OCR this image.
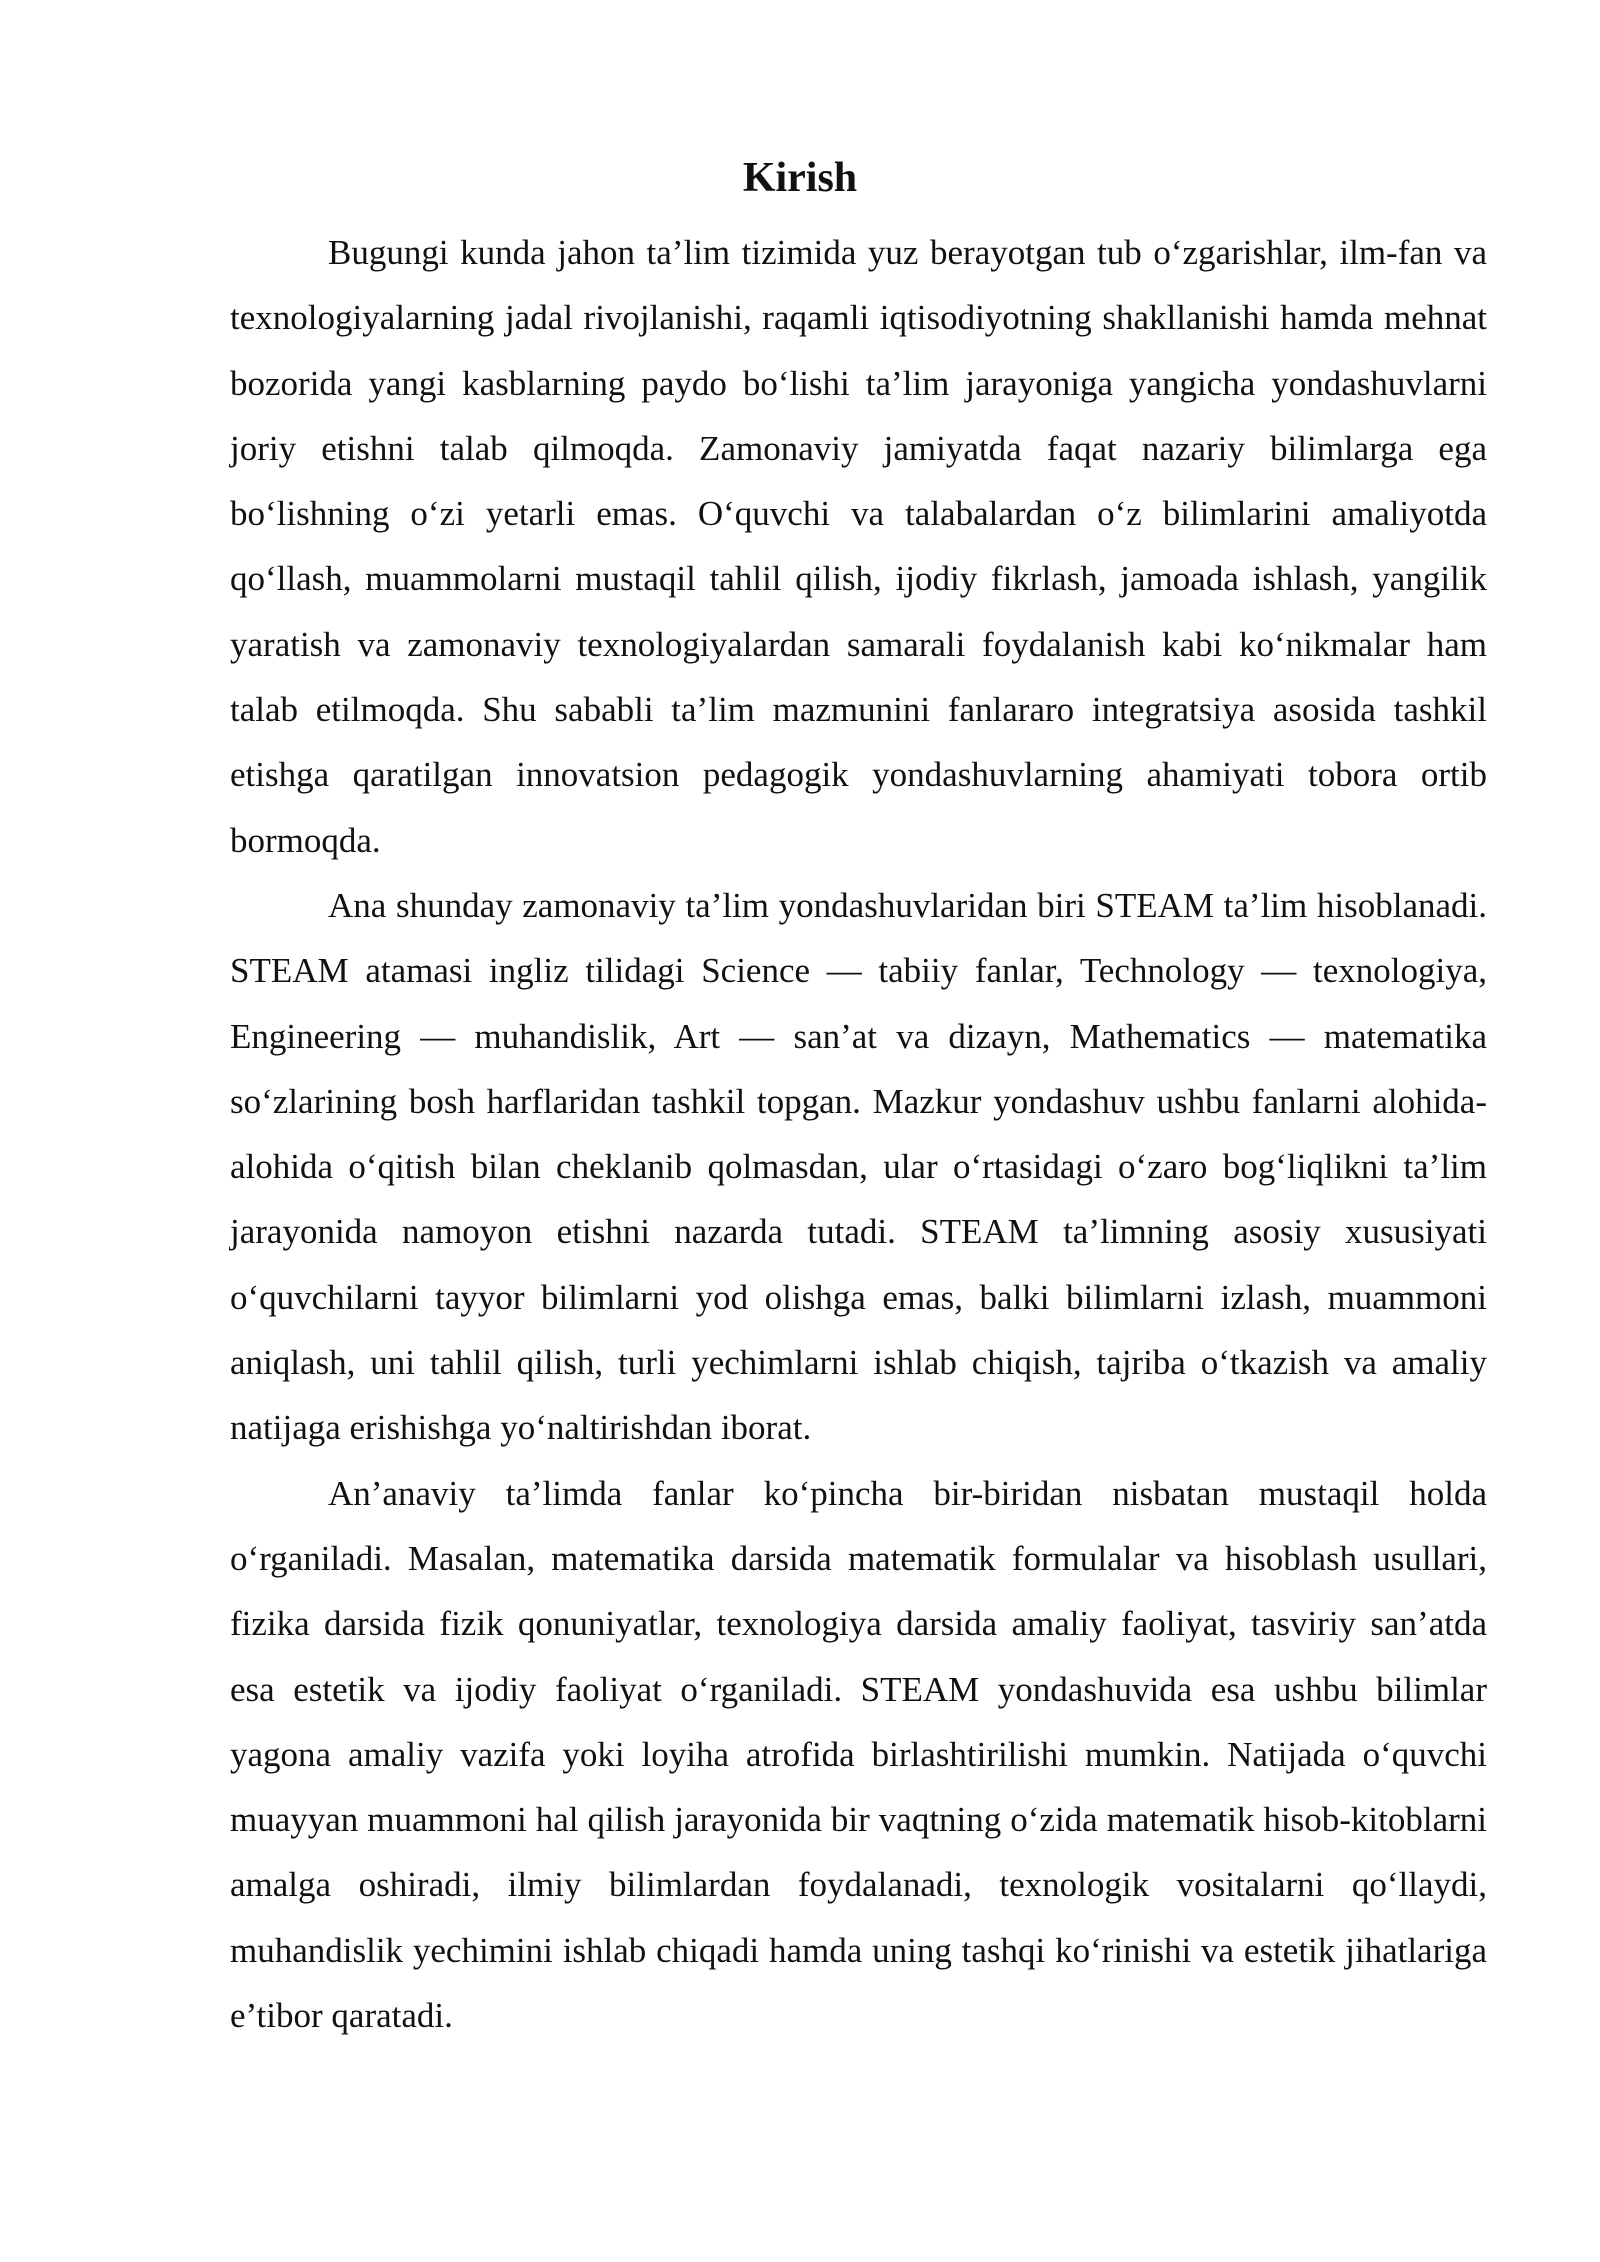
Kirish

Bugungi kunda jahon ta’lim tizimida yuz berayotgan tub o‘zgarishlar, ilm-fan va texnologiyalarning jadal rivojlanishi, raqamli iqtisodiyotning shakllanishi hamda mehnat bozorida yangi kasblarning paydo bo‘lishi ta’lim jarayoniga yangicha yondashuvlarni joriy etishni talab qilmoqda. Zamonaviy jamiyatda faqat nazariy bilimlarga ega bo‘lishning o‘zi yetarli emas. O‘quvchi va talabalardan o‘z bilimlarini amaliyotda qo‘llash, muammolarni mustaqil tahlil qilish, ijodiy fikrlash, jamoada ishlash, yangilik yaratish va zamonaviy texnologiyalardan samarali foydalanish kabi ko‘nikmalar ham talab etilmoqda. Shu sababli ta’lim mazmunini fanlararo integratsiya asosida tashkil etishga qaratilgan innovatsion pedagogik yondashuvlarning ahamiyati tobora ortib bormoqda.

Ana shunday zamonaviy ta’lim yondashuvlaridan biri STEAM ta’lim hisoblanadi. STEAM atamasi ingliz tilidagi Science — tabiiy fanlar, Technology — texnologiya, Engineering — muhandislik, Art — san’at va dizayn, Mathematics — matematika so‘zlarining bosh harflaridan tashkil topgan. Mazkur yondashuv ushbu fanlarni alohida-alohida o‘qitish bilan cheklanib qolmasdan, ular o‘rtasidagi o‘zaro bog‘liqlikni ta’lim jarayonida namoyon etishni nazarda tutadi. STEAM ta’limning asosiy xususiyati o‘quvchilarni tayyor bilimlarni yod olishga emas, balki bilimlarni izlash, muammoni aniqlash, uni tahlil qilish, turli yechimlarni ishlab chiqish, tajriba o‘tkazish va amaliy natijaga erishishga yo‘naltirishdan iborat.

An’anaviy ta’limda fanlar ko‘pincha bir-biridan nisbatan mustaqil holda o‘rganiladi. Masalan, matematika darsida matematik formulalar va hisoblash usullari, fizika darsida fizik qonuniyatlar, texnologiya darsida amaliy faoliyat, tasviriy san’atda esa estetik va ijodiy faoliyat o‘rganiladi. STEAM yondashuvida esa ushbu bilimlar yagona amaliy vazifa yoki loyiha atrofida birlashtirilishi mumkin. Natijada o‘quvchi muayyan muammoni hal qilish jarayonida bir vaqtning o‘zida matematik hisob-kitoblarni amalga oshiradi, ilmiy bilimlardan foydalanadi, texnologik vositalarni qo‘llaydi, muhandislik yechimini ishlab chiqadi hamda uning tashqi ko‘rinishi va estetik jihatlariga e’tibor qaratadi.
